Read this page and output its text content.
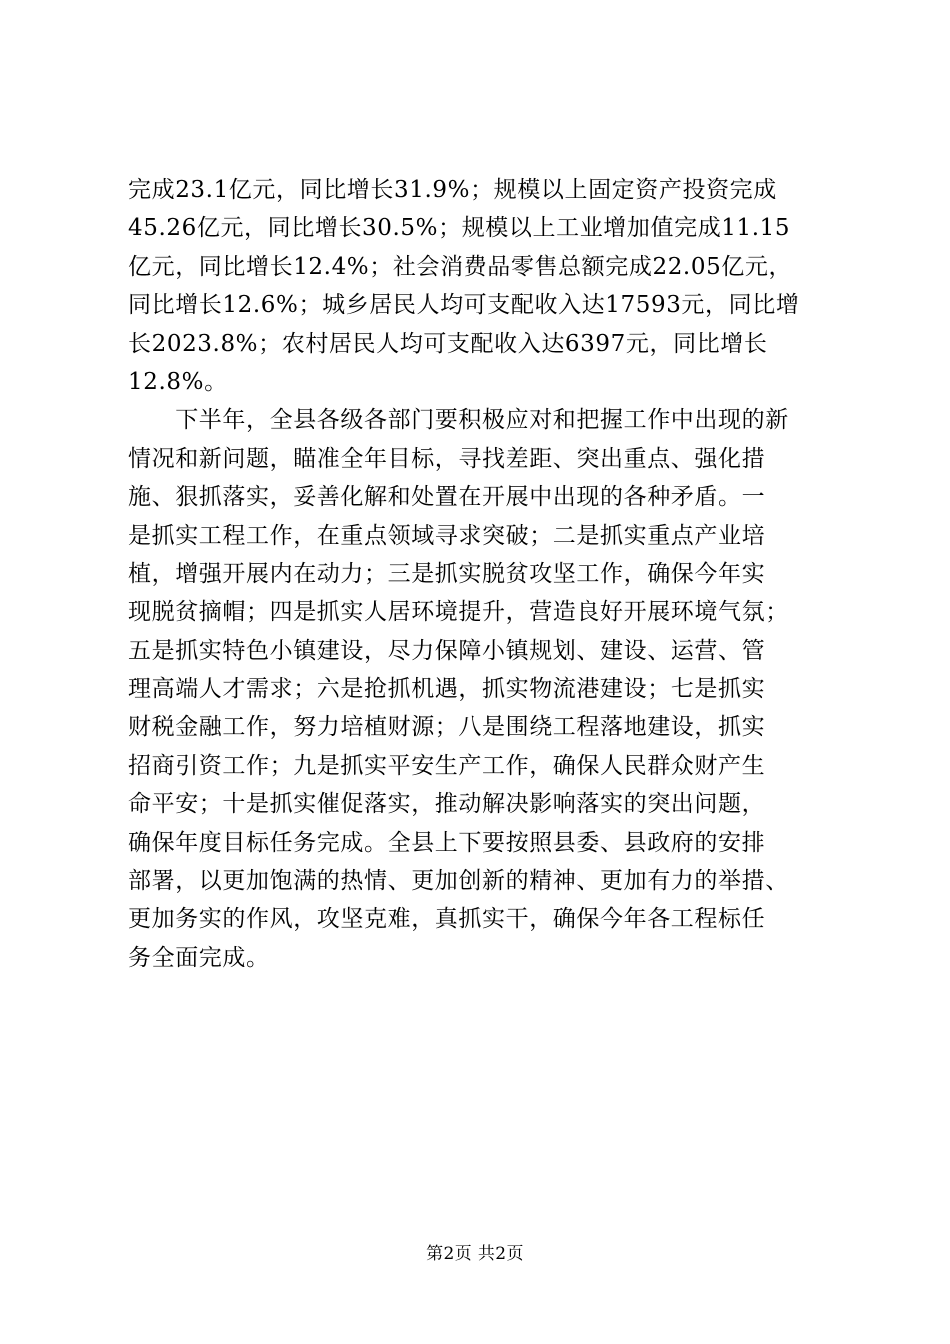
完成23.1亿元，同比增长31.9%；规模以上固定资产投资完成
45.26亿元，同比增长30.5%；规模以上工业增加值完成11.15
亿元，同比增长12.4%；社会消费品零售总额完成22.05亿元，
同比增长12.6%；城乡居民人均可支配收入达17593元，同比增
长2023.8%；农村居民人均可支配收入达6397元，同比增长
12.8%。
　　下半年，全县各级各部门要积极应对和把握工作中出现的新
情况和新问题，瞄准全年目标，寻找差距、突出重点、强化措
施、狠抓落实，妥善化解和处置在开展中出现的各种矛盾。一
是抓实工程工作，在重点领域寻求突破；二是抓实重点产业培
植，增强开展内在动力；三是抓实脱贫攻坚工作，确保今年实
现脱贫摘帽；四是抓实人居环境提升，营造良好开展环境气氛；
五是抓实特色小镇建设，尽力保障小镇规划、建设、运营、管
理高端人才需求；六是抢抓机遇，抓实物流港建设；七是抓实
财税金融工作，努力培植财源；八是围绕工程落地建设，抓实
招商引资工作；九是抓实平安生产工作，确保人民群众财产生
命平安；十是抓实催促落实，推动解决影响落实的突出问题，
确保年度目标任务完成。全县上下要按照县委、县政府的安排
部署，以更加饱满的热情、更加创新的精神、更加有力的举措、
更加务实的作风，攻坚克难，真抓实干，确保今年各工程标任
务全面完成。
第2页 共2页
